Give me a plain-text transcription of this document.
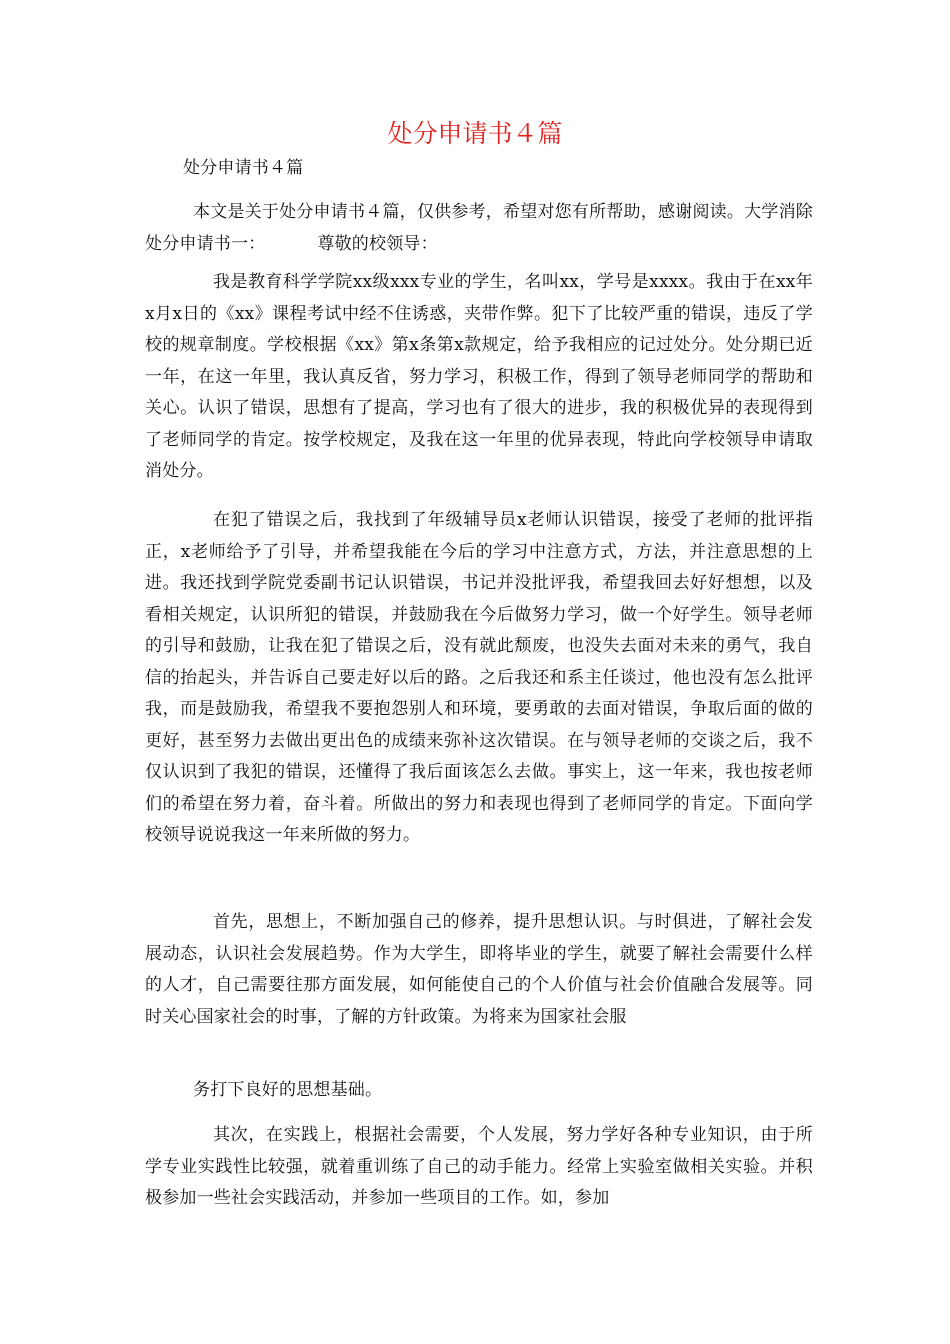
处分申请书４篇

处分申请书４篇

本文是关于处分申请书４篇，仅供参考，希望对您有所帮助，感谢阅读。大学消除处分申请书一：	尊敬的校领导：

我是教育科学学院xx级xxx专业的学生，名叫xx，学号是xxxx。我由于在xx年x月x日的《xx》课程考试中经不住诱惑，夹带作弊。犯下了比较严重的错误，违反了学校的规章制度。学校根据《xx》第x条第x款规定，给予我相应的记过处分。处分期已近一年，在这一年里，我认真反省，努力学习，积极工作，得到了领导老师同学的帮助和关心。认识了错误，思想有了提高，学习也有了很大的进步，我的积极优异的表现得到了老师同学的肯定。按学校规定，及我在这一年里的优异表现，特此向学校领导申请取消处分。

在犯了错误之后，我找到了年级辅导员x老师认识错误，接受了老师的批评指正，x老师给予了引导，并希望我能在今后的学习中注意方式，方法，并注意思想的上进。我还找到学院党委副书记认识错误，书记并没批评我，希望我回去好好想想，以及看相关规定，认识所犯的错误，并鼓励我在今后做努力学习，做一个好学生。领导老师的引导和鼓励，让我在犯了错误之后，没有就此颓废，也没失去面对未来的勇气，我自信的抬起头，并告诉自己要走好以后的路。之后我还和系主任谈过，他也没有怎么批评我，而是鼓励我，希望我不要抱怨别人和环境，要勇敢的去面对错误，争取后面的做的更好，甚至努力去做出更出色的成绩来弥补这次错误。在与领导老师的交谈之后，我不仅认识到了我犯的错误，还懂得了我后面该怎么去做。事实上，这一年来，我也按老师们的希望在努力着，奋斗着。所做出的努力和表现也得到了老师同学的肯定。下面向学校领导说说我这一年来所做的努力。

首先，思想上，不断加强自己的修养，提升思想认识。与时俱进，了解社会发展动态，认识社会发展趋势。作为大学生，即将毕业的学生，就要了解社会需要什么样的人才，自己需要往那方面发展，如何能使自己的个人价值与社会价值融合发展等。同时关心国家社会的时事，了解的方针政策。为将来为国家社会服

务打下良好的思想基础。

其次，在实践上，根据社会需要，个人发展，努力学好各种专业知识，由于所学专业实践性比较强，就着重训练了自己的动手能力。经常上实验室做相关实验。并积极参加一些社会实践活动，并参加一些项目的工作。如，参加
